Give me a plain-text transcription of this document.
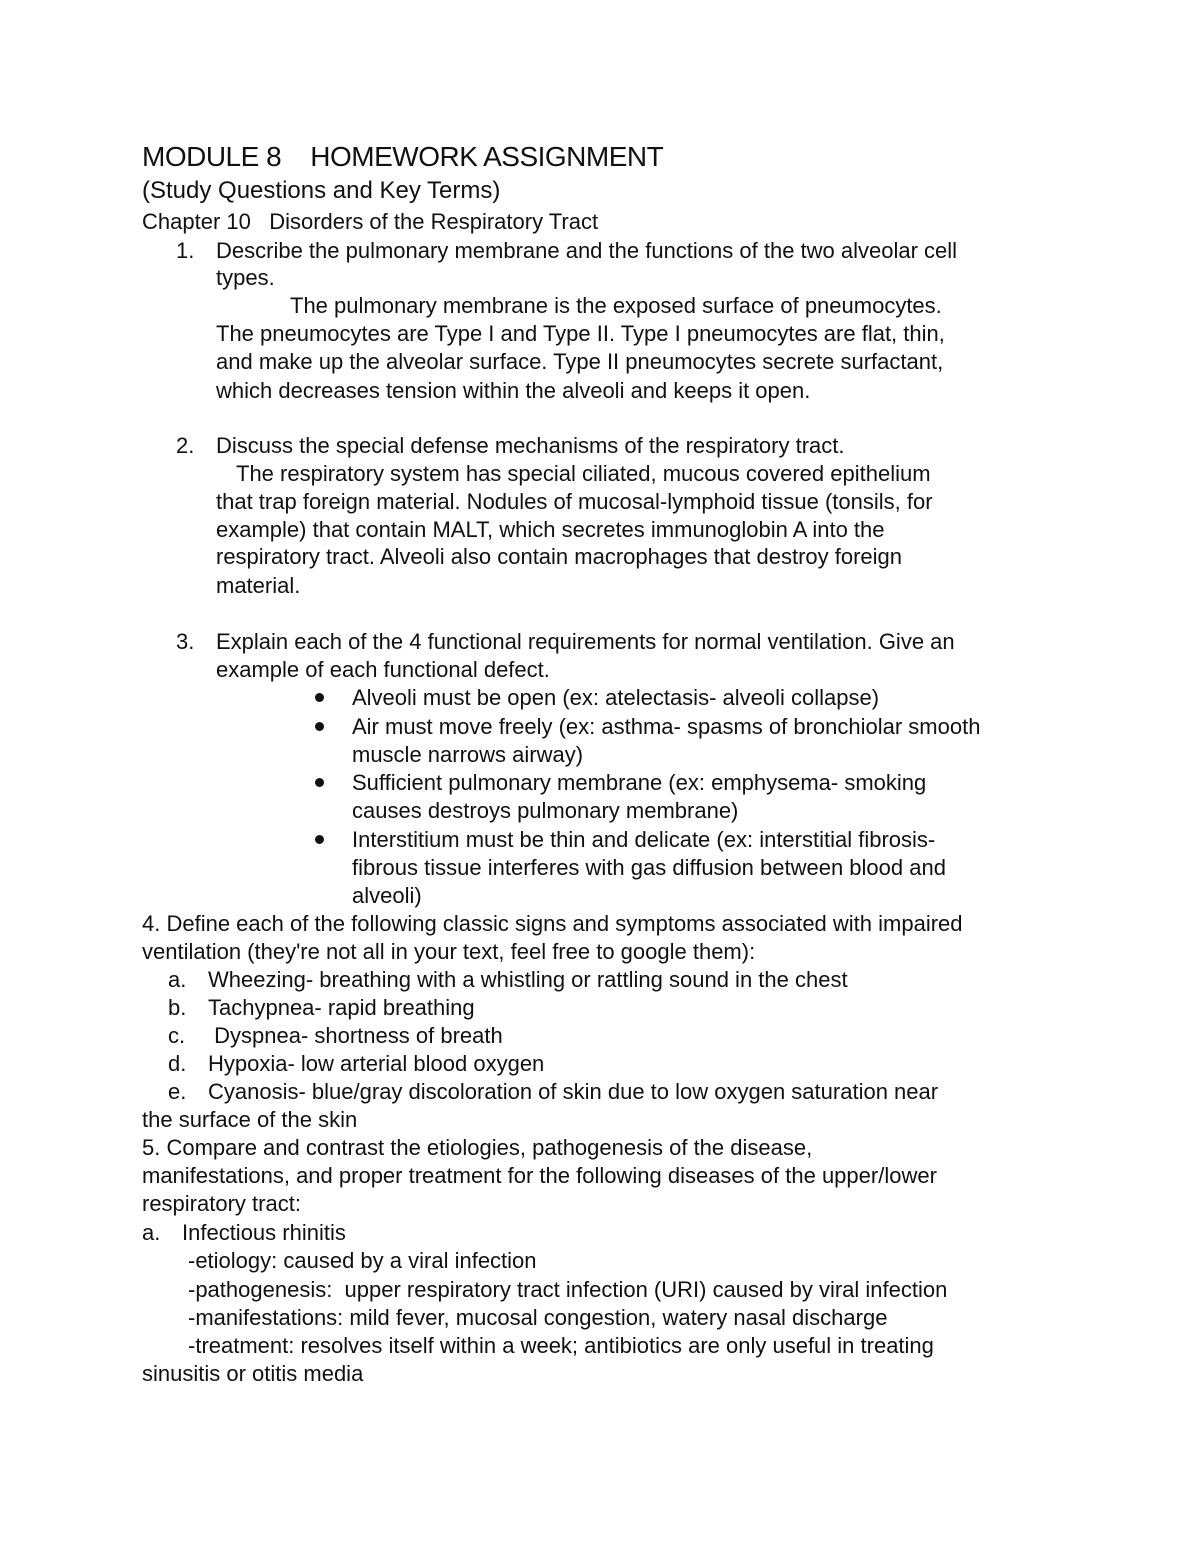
MODULE 8    HOMEWORK ASSIGNMENT
(Study Questions and Key Terms)
Chapter 10   Disorders of the Respiratory Tract
1. Describe the pulmonary membrane and the functions of the two alveolar cell
types.
The pulmonary membrane is the exposed surface of pneumocytes.
The pneumocytes are Type I and Type II. Type I pneumocytes are flat, thin,
and make up the alveolar surface. Type II pneumocytes secrete surfactant,
which decreases tension within the alveoli and keeps it open.
2. Discuss the special defense mechanisms of the respiratory tract.
The respiratory system has special ciliated, mucous covered epithelium
that trap foreign material. Nodules of mucosal-lymphoid tissue (tonsils, for
example) that contain MALT, which secretes immunoglobin A into the
respiratory tract. Alveoli also contain macrophages that destroy foreign
material.
3. Explain each of the 4 functional requirements for normal ventilation. Give an
example of each functional defect.
Alveoli must be open (ex: atelectasis- alveoli collapse)
Air must move freely (ex: asthma- spasms of bronchiolar smooth
muscle narrows airway)
Sufficient pulmonary membrane (ex: emphysema- smoking
causes destroys pulmonary membrane)
Interstitium must be thin and delicate (ex: interstitial fibrosis-
fibrous tissue interferes with gas diffusion between blood and
alveoli)
4. Define each of the following classic signs and symptoms associated with impaired
ventilation (they're not all in your text, feel free to google them):
a. Wheezing- breathing with a whistling or rattling sound in the chest
b. Tachypnea- rapid breathing
c. Dyspnea- shortness of breath
d. Hypoxia- low arterial blood oxygen
e. Cyanosis- blue/gray discoloration of skin due to low oxygen saturation near
the surface of the skin
5. Compare and contrast the etiologies, pathogenesis of the disease,
manifestations, and proper treatment for the following diseases of the upper/lower
respiratory tract:
a. Infectious rhinitis
-etiology: caused by a viral infection
-pathogenesis:  upper respiratory tract infection (URI) caused by viral infection
-manifestations: mild fever, mucosal congestion, watery nasal discharge
-treatment: resolves itself within a week; antibiotics are only useful in treating
sinusitis or otitis media
